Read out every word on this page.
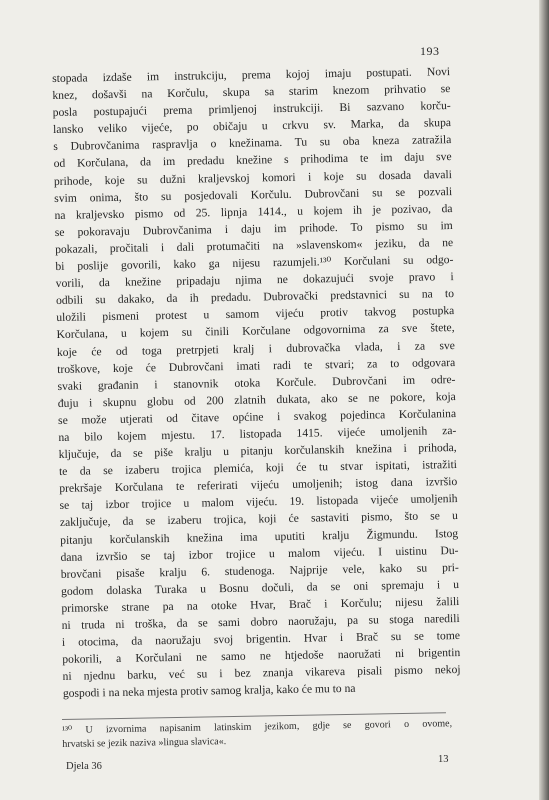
193
stopada izdaše im instrukciju, prema kojoj imaju postupati. Novi
knez, došavši na Korčulu, skupa sa starim knezom prihvatio se
posla postupajući prema primljenoj instrukciji. Bi sazvano korču-
lansko veliko vijeće, po običaju u crkvu sv. Marka, da skupa
s Dubrovčanima raspravlja o knežinama. Tu su oba kneza zatražila
od Korčulana, da im predadu knežine s prihodima te im daju sve
prihode, koje su dužni kraljevskoj komori i koje su dosada davali
svim onima, što su posjedovali Korčulu. Dubrovčani su se pozvali
na kraljevsko pismo od 25. lipnja 1414., u kojem ih je pozivao, da
se pokoravaju Dubrovčanima i daju im prihode. To pismo su im
pokazali, pročitali i dali protumačiti na »slavenskom« jeziku, da ne
bi poslije govorili, kako ga nijesu razumjeli.¹³⁰ Korčulani su odgo-
vorili, da knežine pripadaju njima ne dokazujući svoje pravo i
odbili su dakako, da ih predadu. Dubrovački predstavnici su na to
uložili pismeni protest u samom vijeću protiv takvog postupka
Korčulana, u kojem su činili Korčulane odgovornima za sve štete,
koje će od toga pretrpjeti kralj i dubrovačka vlada, i za sve
troškove, koje će Dubrovčani imati radi te stvari; za to odgovara
svaki građanin i stanovnik otoka Korčule. Dubrovčani im odre-
đuju i skupnu globu od 200 zlatnih dukata, ako se ne pokore, koja
se može utjerati od čitave općine i svakog pojedinca Korčulanina
na bilo kojem mjestu. 17. listopada 1415. vijeće umoljenih za-
ključuje, da se piše kralju u pitanju korčulanskih knežina i prihoda,
te da se izaberu trojica plemića, koji će tu stvar ispitati, istražiti
prekršaje Korčulana te referirati vijeću umoljenih; istog dana izvršio
se taj izbor trojice u malom vijeću. 19. listopada vijeće umoljenih
zaključuje, da se izaberu trojica, koji će sastaviti pismo, što se u
pitanju korčulanskih knežina ima uputiti kralju Žigmundu. Istog
dana izvršio se taj izbor trojice u malom vijeću. I uistinu Du-
brovčani pisaše kralju 6. studenoga. Najprije vele, kako su pri-
godom dolaska Turaka u Bosnu dočuli, da se oni spremaju i u
primorske strane pa na otoke Hvar, Brač i Korčulu; nijesu žalili
ni truda ni troška, da se sami dobro naoružaju, pa su stoga naredili
i otocima, da naoružaju svoj brigentin. Hvar i Brač su se tome
pokorili, a Korčulani ne samo ne htjedoše naoružati ni brigentin
ni njednu barku, već su i bez znanja vikareva pisali pismo nekoj
gospodi i na neka mjesta protiv samog kralja, kako će mu to na
¹³⁰ U izvornima napisanim latinskim jezikom, gdje se govori o ovome,
hrvatski se jezik naziva »lingua slavica«.
Djela 36
13
